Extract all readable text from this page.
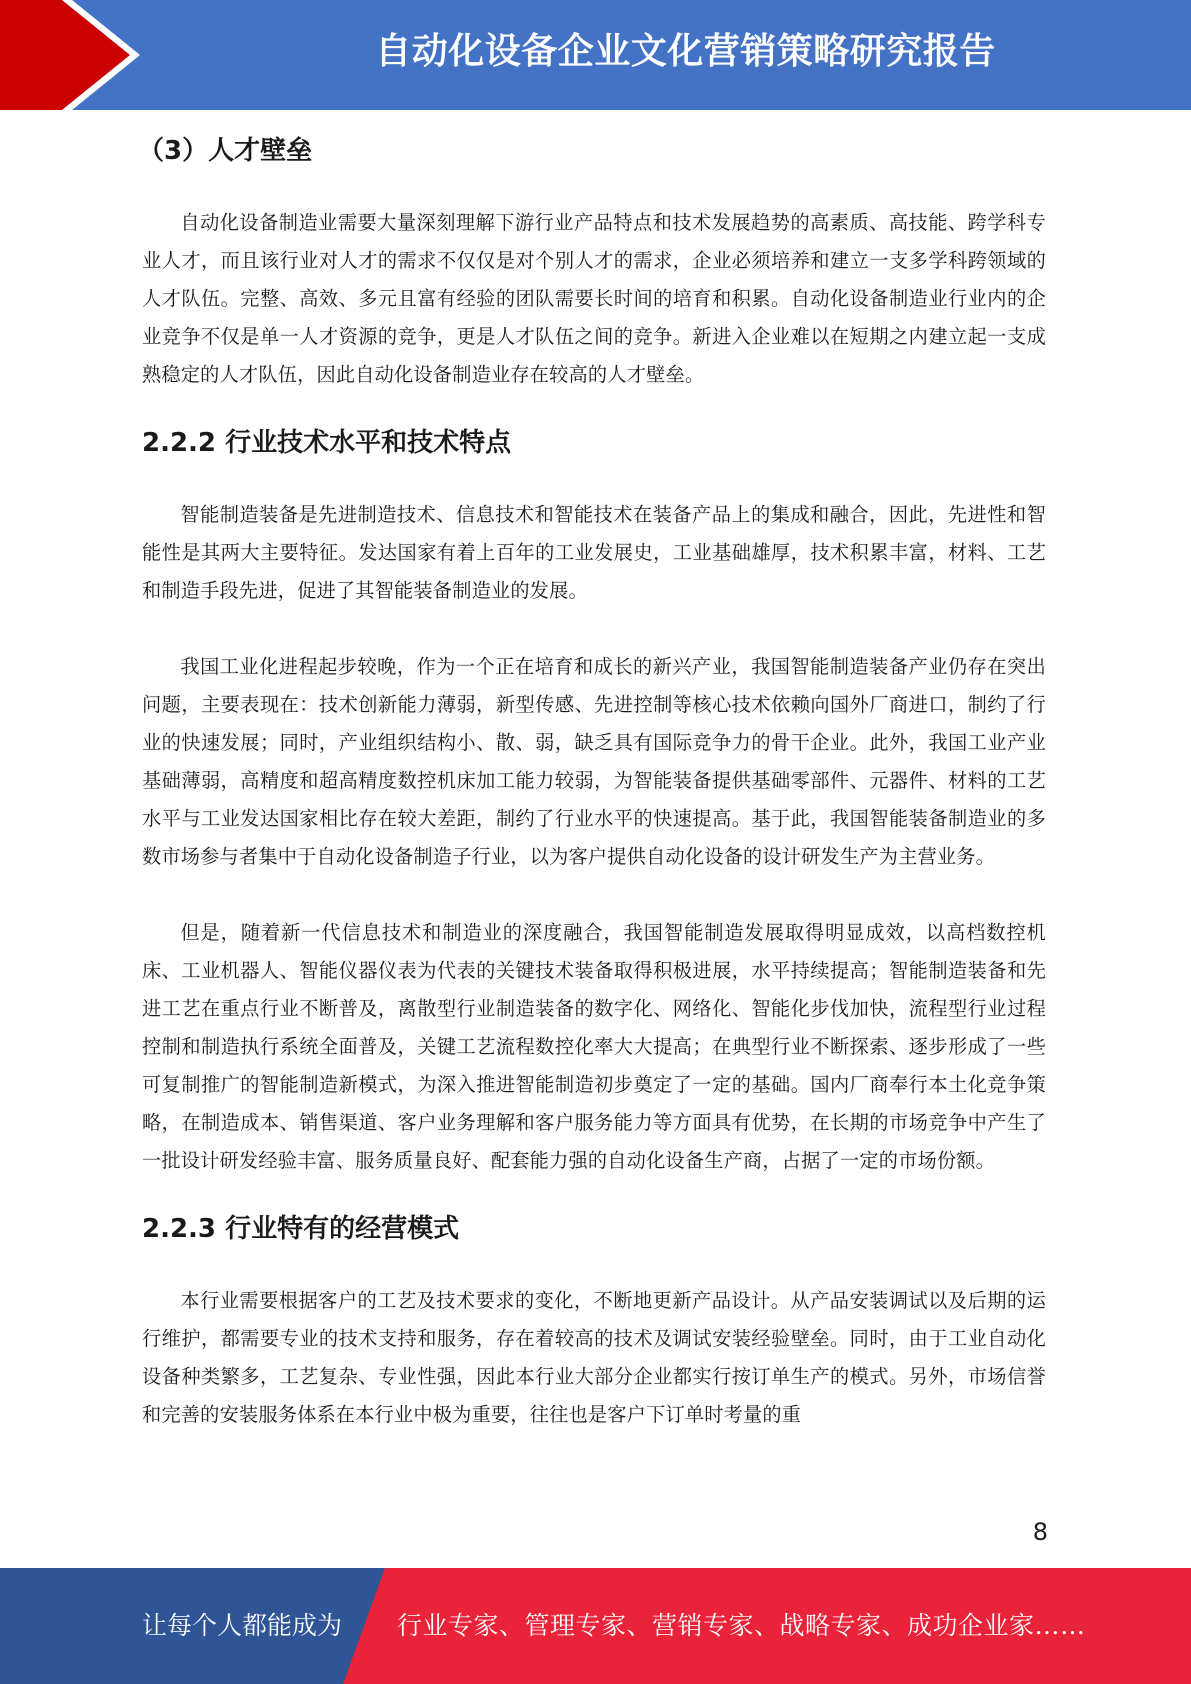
自动化设备企业文化营销策略研究报告
（3）人才壁垒

自动化设备制造业需要大量深刻理解下游行业产品特点和技术发展趋势的高素质、高技能、跨学科专业人才，而且该行业对人才的需求不仅仅是对个别人才的需求，企业必须培养和建立一支多学科跨领域的人才队伍。完整、高效、多元且富有经验的团队需要长时间的培育和积累。自动化设备制造业行业内的企业竞争不仅是单一人才资源的竞争，更是人才队伍之间的竞争。新进入企业难以在短期之内建立起一支成熟稳定的人才队伍，因此自动化设备制造业存在较高的人才壁垒。

2.2.2 行业技术水平和技术特点

智能制造装备是先进制造技术、信息技术和智能技术在装备产品上的集成和融合，因此，先进性和智能性是其两大主要特征。发达国家有着上百年的工业发展史，工业基础雄厚，技术积累丰富，材料、工艺和制造手段先进，促进了其智能装备制造业的发展。

我国工业化进程起步较晚，作为一个正在培育和成长的新兴产业，我国智能制造装备产业仍存在突出问题，主要表现在：技术创新能力薄弱，新型传感、先进控制等核心技术依赖向国外厂商进口，制约了行业的快速发展；同时，产业组织结构小、散、弱，缺乏具有国际竞争力的骨干企业。此外，我国工业产业基础薄弱，高精度和超高精度数控机床加工能力较弱，为智能装备提供基础零部件、元器件、材料的工艺水平与工业发达国家相比存在较大差距，制约了行业水平的快速提高。基于此，我国智能装备制造业的多数市场参与者集中于自动化设备制造子行业，以为客户提供自动化设备的设计研发生产为主营业务。

但是，随着新一代信息技术和制造业的深度融合，我国智能制造发展取得明显成效，以高档数控机床、工业机器人、智能仪器仪表为代表的关键技术装备取得积极进展，水平持续提高；智能制造装备和先进工艺在重点行业不断普及，离散型行业制造装备的数字化、网络化、智能化步伐加快，流程型行业过程控制和制造执行系统全面普及，关键工艺流程数控化率大大提高；在典型行业不断探索、逐步形成了一些可复制推广的智能制造新模式，为深入推进智能制造初步奠定了一定的基础。国内厂商奉行本土化竞争策略，在制造成本、销售渠道、客户业务理解和客户服务能力等方面具有优势，在长期的市场竞争中产生了一批设计研发经验丰富、服务质量良好、配套能力强的自动化设备生产商，占据了一定的市场份额。

2.2.3 行业特有的经营模式

本行业需要根据客户的工艺及技术要求的变化，不断地更新产品设计。从产品安装调试以及后期的运行维护，都需要专业的技术支持和服务，存在着较高的技术及调试安装经验壁垒。同时，由于工业自动化设备种类繁多，工艺复杂、专业性强，因此本行业大部分企业都实行按订单生产的模式。另外，市场信誉和完善的安装服务体系在本行业中极为重要，往往也是客户下订单时考量的重

8
让每个人都能成为 行业专家、管理专家、营销专家、战略专家、成功企业家……
